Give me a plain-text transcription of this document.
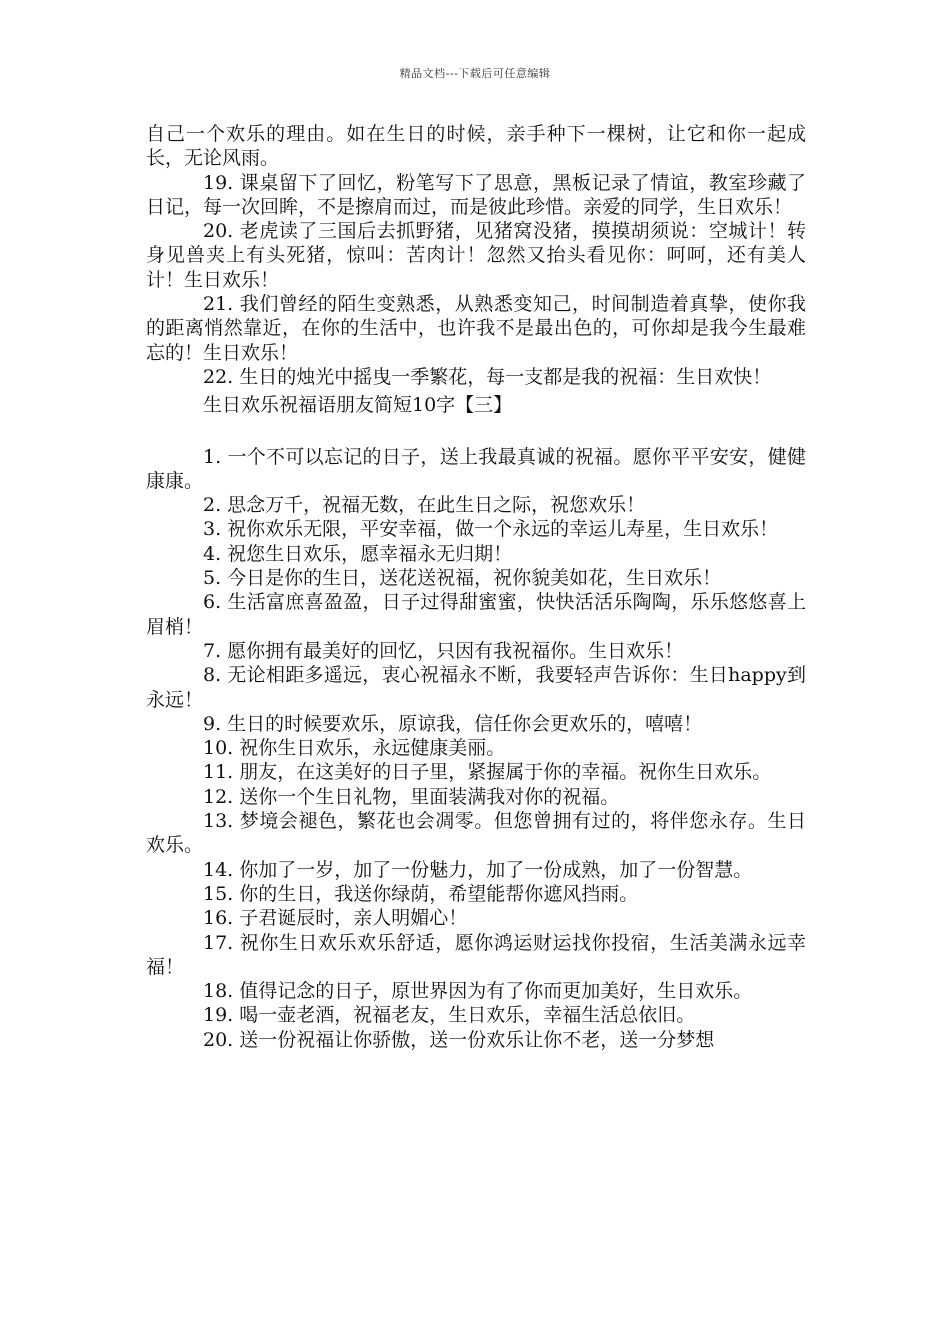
精品文档---下载后可任意编辑

自己一个欢乐的理由。如在生日的时候，亲手种下一棵树，让它和你一起成长，无论风雨。

19. 课桌留下了回忆，粉笔写下了思意，黑板记录了情谊，教室珍藏了日记，每一次回眸，不是擦肩而过，而是彼此珍惜。亲爱的同学，生日欢乐！

20. 老虎读了三国后去抓野猪，见猪窝没猪，摸摸胡须说：空城计！转身见兽夹上有头死猪，惊叫：苦肉计！忽然又抬头看见你：呵呵，还有美人计！生日欢乐！

21. 我们曾经的陌生变熟悉，从熟悉变知己，时间制造着真挚，使你我的距离悄然靠近，在你的生活中，也许我不是最出色的，可你却是我今生最难忘的！生日欢乐！

22. 生日的烛光中摇曳一季繁花，每一支都是我的祝福：生日欢快！

生日欢乐祝福语朋友简短10字【三】

1. 一个不可以忘记的日子，送上我最真诚的祝福。愿你平平安安，健健康康。

2. 思念万千，祝福无数，在此生日之际，祝您欢乐！

3. 祝你欢乐无限，平安幸福，做一个永远的幸运儿寿星，生日欢乐！

4. 祝您生日欢乐，愿幸福永无归期！

5. 今日是你的生日，送花送祝福，祝你貌美如花，生日欢乐！

6. 生活富庶喜盈盈，日子过得甜蜜蜜，快快活活乐陶陶，乐乐悠悠喜上眉梢！

7. 愿你拥有最美好的回忆，只因有我祝福你。生日欢乐！

8. 无论相距多遥远，衷心祝福永不断，我要轻声告诉你：生日happy到永远！

9. 生日的时候要欢乐，原谅我，信任你会更欢乐的，嘻嘻！

10. 祝你生日欢乐，永远健康美丽。

11. 朋友，在这美好的日子里，紧握属于你的幸福。祝你生日欢乐。

12. 送你一个生日礼物，里面装满我对你的祝福。

13. 梦境会褪色，繁花也会凋零。但您曾拥有过的，将伴您永存。生日欢乐。

14. 你加了一岁，加了一份魅力，加了一份成熟，加了一份智慧。

15. 你的生日，我送你绿荫，希望能帮你遮风挡雨。

16. 子君诞辰时，亲人明媚心！

17. 祝你生日欢乐欢乐舒适，愿你鸿运财运找你投宿，生活美满永远幸福！

18. 值得记念的日子，原世界因为有了你而更加美好，生日欢乐。

19. 喝一壶老酒，祝福老友，生日欢乐，幸福生活总依旧。

20. 送一份祝福让你骄傲，送一份欢乐让你不老，送一分梦想
